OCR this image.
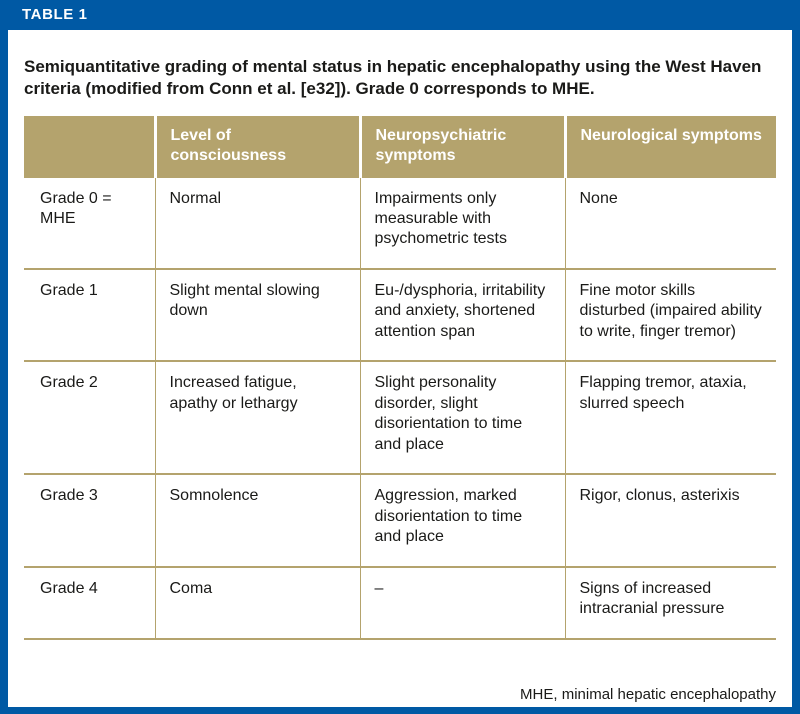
TABLE 1

Semiquantitative grading of mental status in hepatic encephalopathy using the West Haven criteria (modified from Conn et al. [e32]). Grade 0 corresponds to MHE.

	Level of consciousness	Neuropsychiatric symptoms	Neurological symptoms
Grade 0 = MHE	Normal	Impairments only measurable with psychometric tests	None
Grade 1	Slight mental slowing down	Eu-/dysphoria, irritability and anxiety, shortened attention span	Fine motor skills disturbed (impaired ability to write, finger tremor)
Grade 2	Increased fatigue, apathy or lethargy	Slight personality disorder, slight disorientation to time and place	Flapping tremor, ataxia, slurred speech
Grade 3	Somnolence	Aggression, marked disorientation to time and place	Rigor, clonus, asterixis
Grade 4	Coma	–	Signs of increased intracranial pressure
MHE, minimal hepatic encephalopathy
